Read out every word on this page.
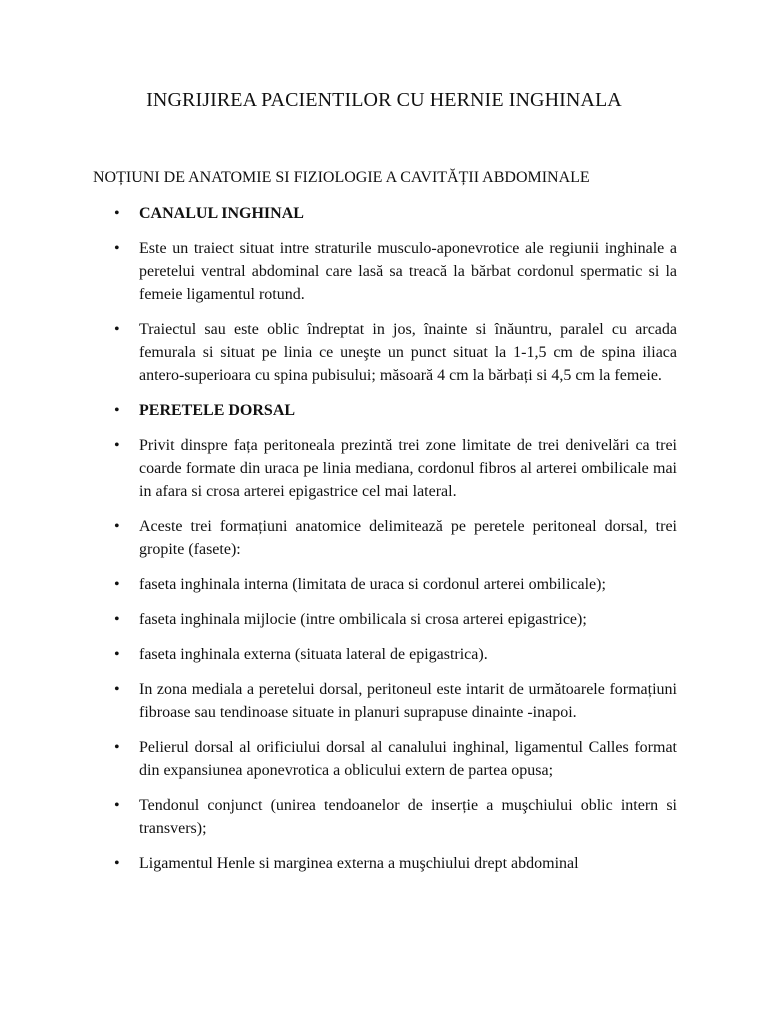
INGRIJIREA PACIENTILOR CU HERNIE INGHINALA
NOȚIUNI DE ANATOMIE SI FIZIOLOGIE A CAVITĂȚII ABDOMINALE
• CANALUL INGHINAL
• Este un traiect situat intre straturile musculo-aponevrotice ale regiunii inghinale a peretelui ventral abdominal care lasă sa treacă la bărbat cordonul spermatic si la femeie ligamentul rotund.
• Traiectul sau este oblic îndreptat in jos, înainte si înăuntru, paralel cu arcada femurala si situat pe linia ce uneşte un punct situat la 1-1,5 cm de spina iliaca antero-superioara cu spina pubisului; măsoară 4 cm la bărbați si 4,5 cm la femeie.
• PERETELE DORSAL
• Privit dinspre fața peritoneala prezintă trei zone limitate de trei denivelări ca trei coarde formate din uraca pe linia mediana, cordonul fibros al arterei ombilicale mai in afara si crosa arterei epigastrice cel mai lateral.
• Aceste trei formațiuni anatomice delimitează pe peretele peritoneal dorsal, trei gropite (fasete):
• faseta inghinala interna (limitata de uraca si cordonul arterei ombilicale);
• faseta inghinala mijlocie (intre ombilicala si crosa arterei epigastrice);
• faseta inghinala externa (situata lateral de epigastrica).
• In zona mediala a peretelui dorsal, peritoneul este intarit de următoarele formațiuni fibroase sau tendinoase situate in planuri suprapuse dinainte -inapoi.
• Pelierul dorsal al orificiului dorsal al canalului inghinal, ligamentul Calles format din expansiunea aponevrotica a oblicului extern de partea opusa;
• Tendonul conjunct (unirea tendoanelor de inserție a muşchiului oblic intern si transvers);
• Ligamentul Henle si marginea externa a muşchiului drept abdominal
